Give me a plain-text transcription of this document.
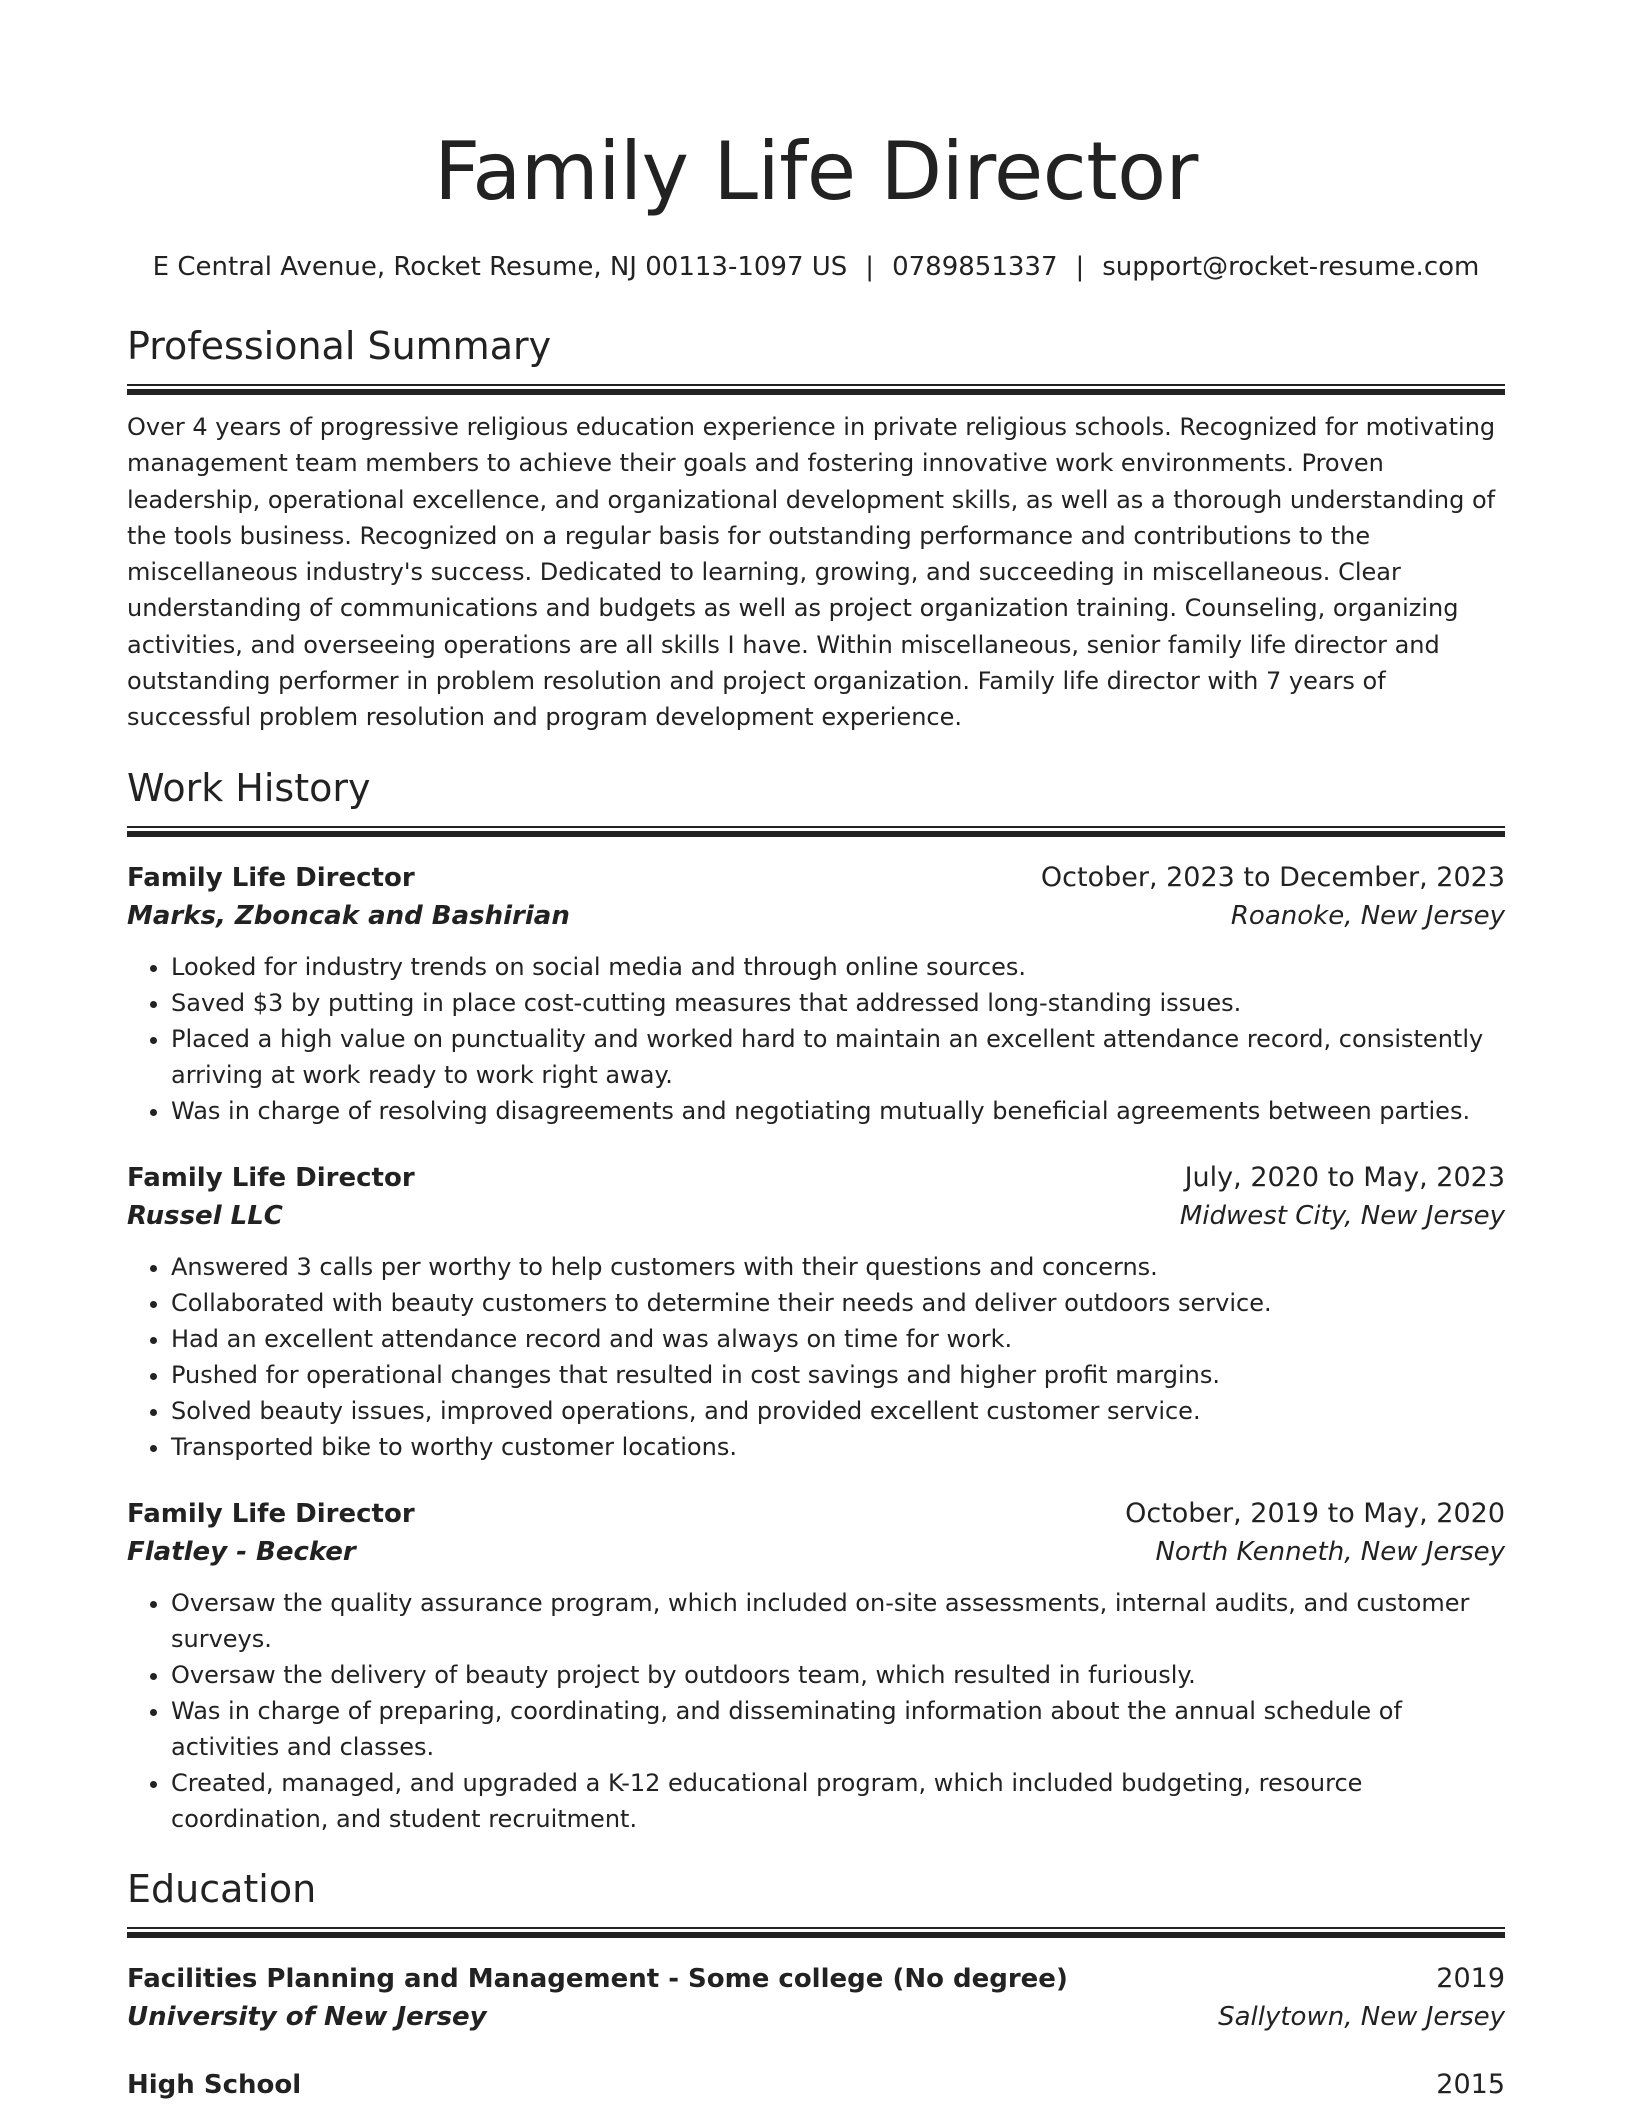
Family Life Director
E Central Avenue, Rocket Resume, NJ 00113-1097 US | 0789851337 | support@rocket-resume.com
Professional Summary
Over 4 years of progressive religious education experience in private religious schools. Recognized for motivating management team members to achieve their goals and fostering innovative work environments. Proven leadership, operational excellence, and organizational development skills, as well as a thorough understanding of the tools business. Recognized on a regular basis for outstanding performance and contributions to the miscellaneous industry's success. Dedicated to learning, growing, and succeeding in miscellaneous. Clear understanding of communications and budgets as well as project organization training. Counseling, organizing activities, and overseeing operations are all skills I have. Within miscellaneous, senior family life director and outstanding performer in problem resolution and project organization. Family life director with 7 years of successful problem resolution and program development experience.
Work History
Family Life Director	October, 2023 to December, 2023
Marks, Zboncak and Bashirian	Roanoke, New Jersey
• Looked for industry trends on social media and through online sources.
• Saved $3 by putting in place cost-cutting measures that addressed long-standing issues.
• Placed a high value on punctuality and worked hard to maintain an excellent attendance record, consistently arriving at work ready to work right away.
• Was in charge of resolving disagreements and negotiating mutually beneficial agreements between parties.
Family Life Director	July, 2020 to May, 2023
Russel LLC	Midwest City, New Jersey
• Answered 3 calls per worthy to help customers with their questions and concerns.
• Collaborated with beauty customers to determine their needs and deliver outdoors service.
• Had an excellent attendance record and was always on time for work.
• Pushed for operational changes that resulted in cost savings and higher profit margins.
• Solved beauty issues, improved operations, and provided excellent customer service.
• Transported bike to worthy customer locations.
Family Life Director	October, 2019 to May, 2020
Flatley - Becker	North Kenneth, New Jersey
• Oversaw the quality assurance program, which included on-site assessments, internal audits, and customer surveys.
• Oversaw the delivery of beauty project by outdoors team, which resulted in furiously.
• Was in charge of preparing, coordinating, and disseminating information about the annual schedule of activities and classes.
• Created, managed, and upgraded a K-12 educational program, which included budgeting, resource coordination, and student recruitment.
Education
Facilities Planning and Management - Some college (No degree)	2019
University of New Jersey	Sallytown, New Jersey
High School	2015
